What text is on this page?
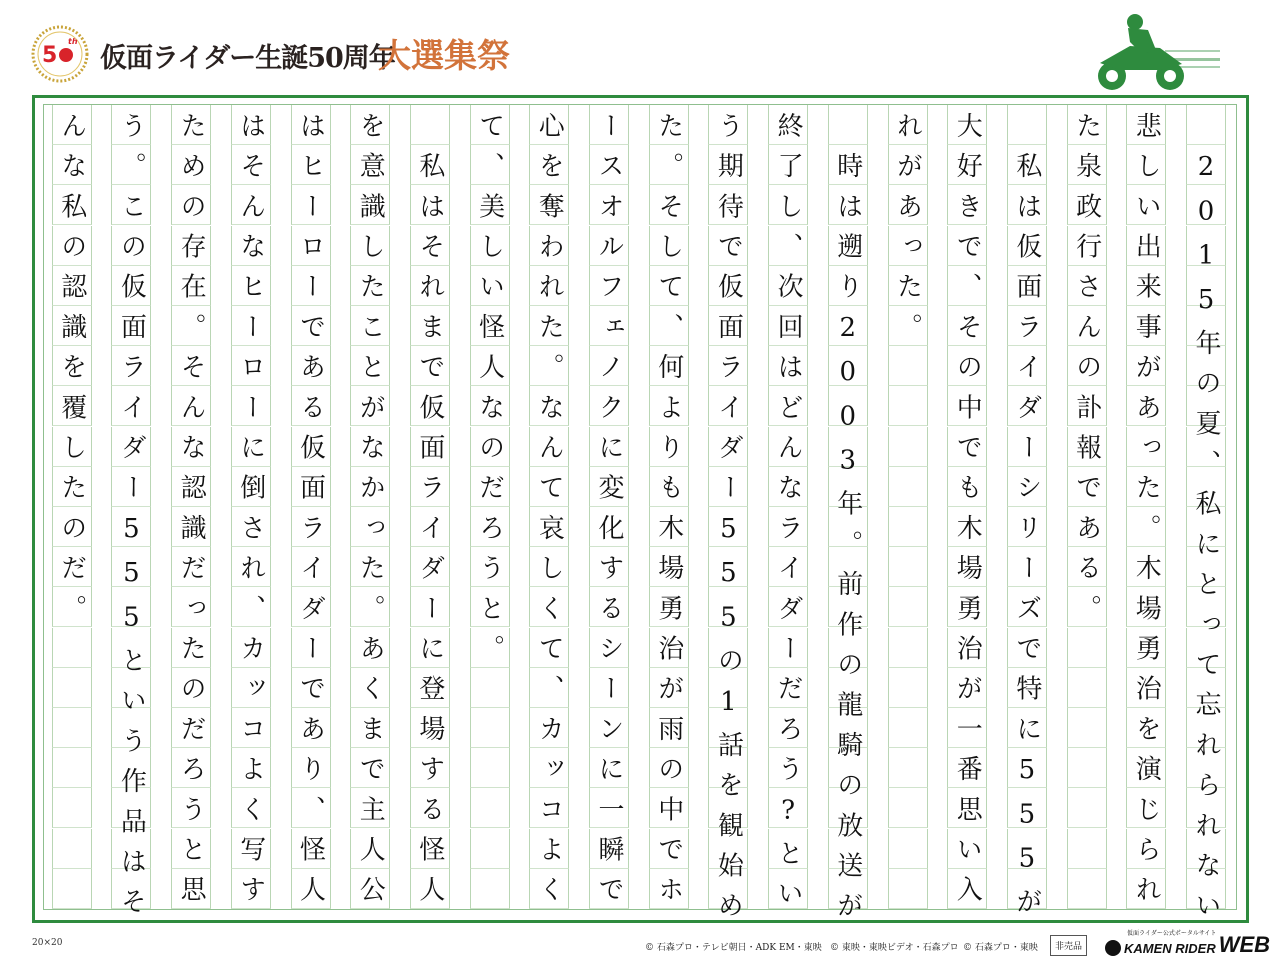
5
th
仮面ライダー生誕50周年
大選集祭
　2015年の夏、私にとって忘れられない
悲しい出来事があった。木場勇治を演じられ
た泉政行さんの訃報である。
　私は仮面ライダーシリーズで特に555が
大好きで、その中でも木場勇治が一番思い入
れがあった。
　時は遡り2003年。前作の龍騎の放送が
終了し、次回はどんなライダーだろう?とい
う期待で仮面ライダー555の1話を観始め
た。そして、何よりも木場勇治が雨の中でホ
ースオルフェノクに変化するシーンに一瞬で
心を奪われた。なんて哀しくて、カッコよく
て、美しい怪人なのだろうと。
　私はそれまで仮面ライダーに登場する怪人
を意識したことがなかった。あくまで主人公
はヒーローである仮面ライダーであり、怪人
はそんなヒーローに倒され、カッコよく写す
ための存在。そんな認識だったのだろうと思
う。この仮面ライダー555という作品はそ
んな私の認識を覆したのだ。
20×20	© 石森プロ・テレビ朝日・ADK EM・東映 © 東映・東映ビデオ・石森プロ © 石森プロ・東映	非売品
仮面ライダー公式ポータルサイト
KAMEN RIDER WEB
